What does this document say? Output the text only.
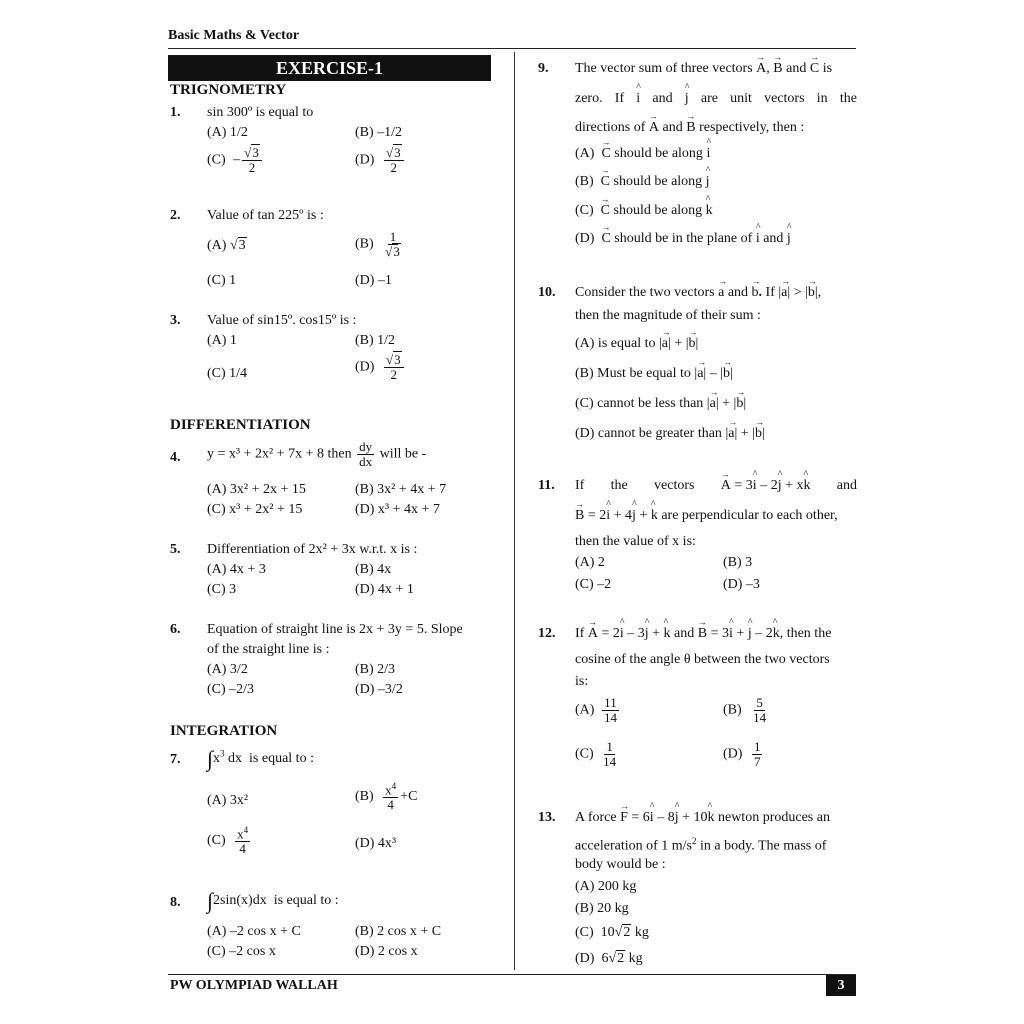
Basic Maths & Vector
PW OLYMPIAD WALLAH	3
EXERCISE-1
TRIGNOMETRY
1. sin 300º is equal to
(A) 1/2	(B) –1/2
$(C) - \frac{√3}{2}$	$(D) \frac{√3}{2}$
2. Value of tan 225º is :
(A) √3	$(B) \frac{1}{√3}$
(C) 1	(D) –1
3. Value of sin15º. cos15º is :
(A) 1	(B) 1/2
(C) 1/4	$(D) \frac{√3}{2}$
DIFFERENTIATION
4. y = x³ + 2x² + 7x + 8 then $\frac{dy}{dx}$ will be -
(A) 3x² + 2x + 15	(B) 3x² + 4x + 7
(C) x³ + 2x² + 15	(D) x³ + 4x + 7
5. Differentiation of 2x² + 3x w.r.t. x is :
(A) 4x + 3	(B) 4x
(C) 3	(D) 4x + 1
6. Equation of straight line is 2x + 3y = 5. Slope
of the straight line is :
(A) 3/2	(B) 2/3
(C) –2/3	(D) –3/2
INTEGRATION
7. $\int x^3$ dx  is equal to :
(A) 3x²	$(B) \frac{x^4}{4} +C$
$(C) \frac{x^4}{4}$	(D) 4x³
8. ∫2sin(x)dx  is equal to :
(A) –2 cos x + C	(B) 2 cos x + C
(C) –2 cos x	(D) 2 cos x
9. The vector sum of three vectors → A, → B and → C is
zero. If ^ i and ^ j are unit vectors in the
directions of → A and → B respectively, then :
(A) → C should be along ^ i
(B) → C should be along ^ j
(C) → C should be along ^ k
(D) → C should be in the plane of ^ i and ^ j
10. Consider the two vectors → a and → b. If |→ a| > |→ b|,
then the magnitude of their sum :
(A) is equal to |→ a| + |→ b|
(B) Must be equal to |→ a| – |→ b|
(C) cannot be less than |→ a| + |→ b|
(D) cannot be greater than |→ a| + |→ b|
11. If the vectors → A = 3^ i – 2^ j + x^ k and
→ B = 2^ i + 4^ j + ^ k are perpendicular to each other,
then the value of x is:
(A) 2	(B) 3
(C) –2	(D) –3
12. If → A = 2^ i – 3^ j + ^ k and → B = 3^ i + ^ j – 2^ k, then the
cosine of the angle θ between the two vectors
is:
$(A) \frac{11}{14}$	$(B) \frac{5}{14}$
$(C) \frac{1}{14}$	$(D) \frac{1}{7}$
13. A force → F = 6^ i – 8^ j + 10^ k newton produces an
acceleration of 1 $m/s^2$ in a body. The mass of
body would be :
(A) 200 kg
(B) 20 kg
(C)  10√2 kg
(D)  6√2 kg
